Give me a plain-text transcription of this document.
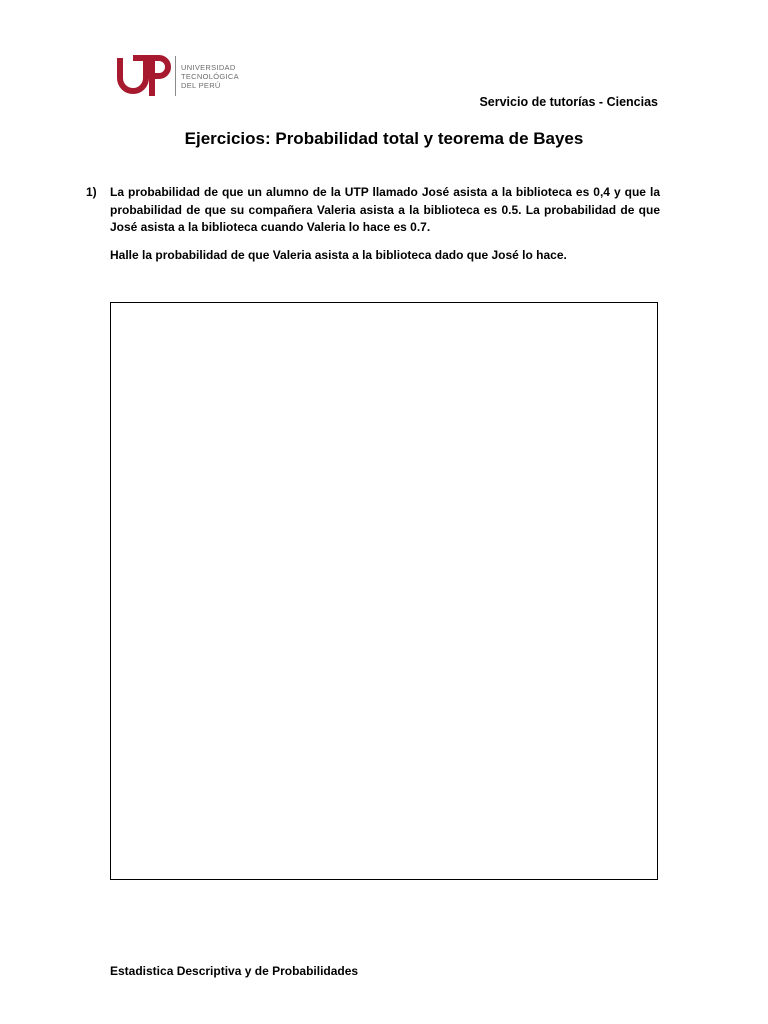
UNIVERSIDAD
TECNOLÓGICA
DEL PERÚ
Servicio de tutorías - Ciencias
Ejercicios: Probabilidad total y teorema de Bayes
1)	La probabilidad de que un alumno de la UTP llamado José asista a la biblioteca es 0,4 y que la probabilidad de que su compañera Valeria asista a la biblioteca es 0.5. La probabilidad de que José asista a la biblioteca cuando Valeria lo hace es 0.7.
Halle la probabilidad de que Valeria asista a la biblioteca dado que José lo hace.
Estadistica Descriptiva y de Probabilidades
